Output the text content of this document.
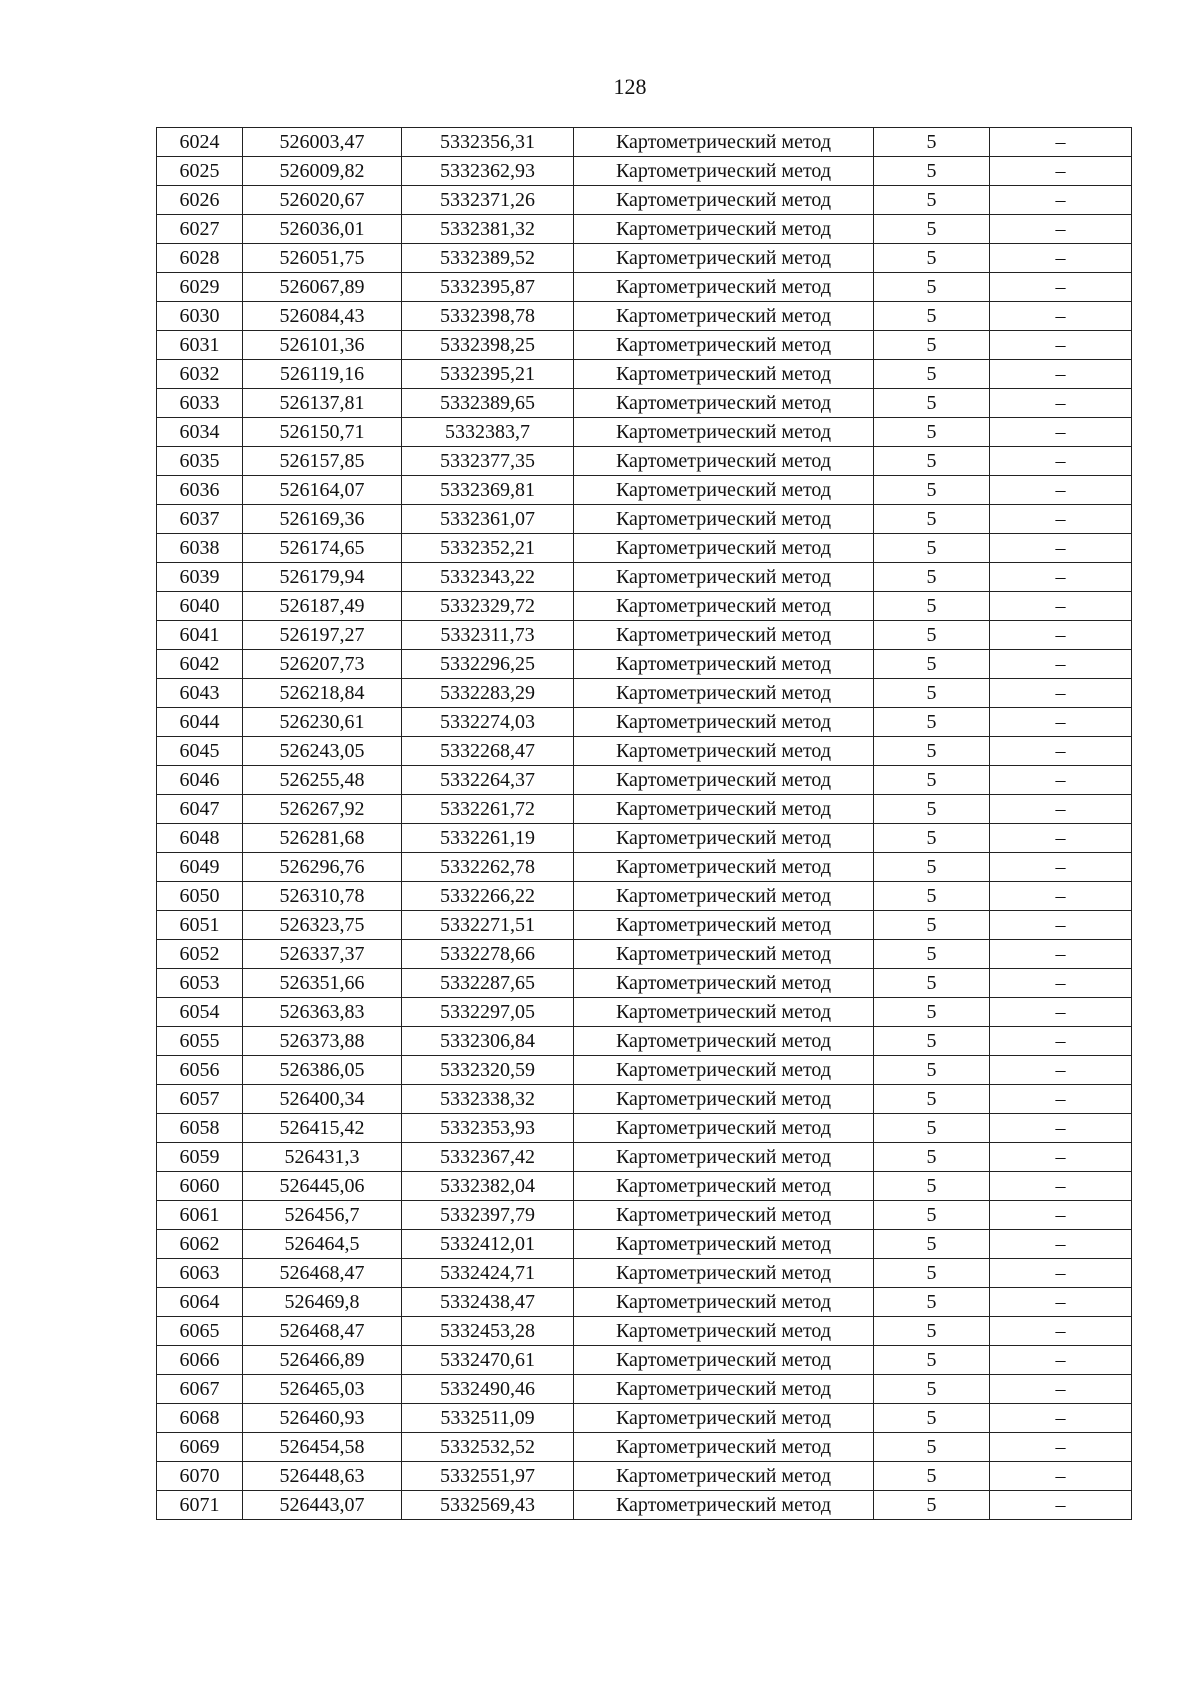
128
6024	526003,47	5332356,31	Картометрический метод	5	–
6025	526009,82	5332362,93	Картометрический метод	5	–
6026	526020,67	5332371,26	Картометрический метод	5	–
6027	526036,01	5332381,32	Картометрический метод	5	–
6028	526051,75	5332389,52	Картометрический метод	5	–
6029	526067,89	5332395,87	Картометрический метод	5	–
6030	526084,43	5332398,78	Картометрический метод	5	–
6031	526101,36	5332398,25	Картометрический метод	5	–
6032	526119,16	5332395,21	Картометрический метод	5	–
6033	526137,81	5332389,65	Картометрический метод	5	–
6034	526150,71	5332383,7	Картометрический метод	5	–
6035	526157,85	5332377,35	Картометрический метод	5	–
6036	526164,07	5332369,81	Картометрический метод	5	–
6037	526169,36	5332361,07	Картометрический метод	5	–
6038	526174,65	5332352,21	Картометрический метод	5	–
6039	526179,94	5332343,22	Картометрический метод	5	–
6040	526187,49	5332329,72	Картометрический метод	5	–
6041	526197,27	5332311,73	Картометрический метод	5	–
6042	526207,73	5332296,25	Картометрический метод	5	–
6043	526218,84	5332283,29	Картометрический метод	5	–
6044	526230,61	5332274,03	Картометрический метод	5	–
6045	526243,05	5332268,47	Картометрический метод	5	–
6046	526255,48	5332264,37	Картометрический метод	5	–
6047	526267,92	5332261,72	Картометрический метод	5	–
6048	526281,68	5332261,19	Картометрический метод	5	–
6049	526296,76	5332262,78	Картометрический метод	5	–
6050	526310,78	5332266,22	Картометрический метод	5	–
6051	526323,75	5332271,51	Картометрический метод	5	–
6052	526337,37	5332278,66	Картометрический метод	5	–
6053	526351,66	5332287,65	Картометрический метод	5	–
6054	526363,83	5332297,05	Картометрический метод	5	–
6055	526373,88	5332306,84	Картометрический метод	5	–
6056	526386,05	5332320,59	Картометрический метод	5	–
6057	526400,34	5332338,32	Картометрический метод	5	–
6058	526415,42	5332353,93	Картометрический метод	5	–
6059	526431,3	5332367,42	Картометрический метод	5	–
6060	526445,06	5332382,04	Картометрический метод	5	–
6061	526456,7	5332397,79	Картометрический метод	5	–
6062	526464,5	5332412,01	Картометрический метод	5	–
6063	526468,47	5332424,71	Картометрический метод	5	–
6064	526469,8	5332438,47	Картометрический метод	5	–
6065	526468,47	5332453,28	Картометрический метод	5	–
6066	526466,89	5332470,61	Картометрический метод	5	–
6067	526465,03	5332490,46	Картометрический метод	5	–
6068	526460,93	5332511,09	Картометрический метод	5	–
6069	526454,58	5332532,52	Картометрический метод	5	–
6070	526448,63	5332551,97	Картометрический метод	5	–
6071	526443,07	5332569,43	Картометрический метод	5	–
